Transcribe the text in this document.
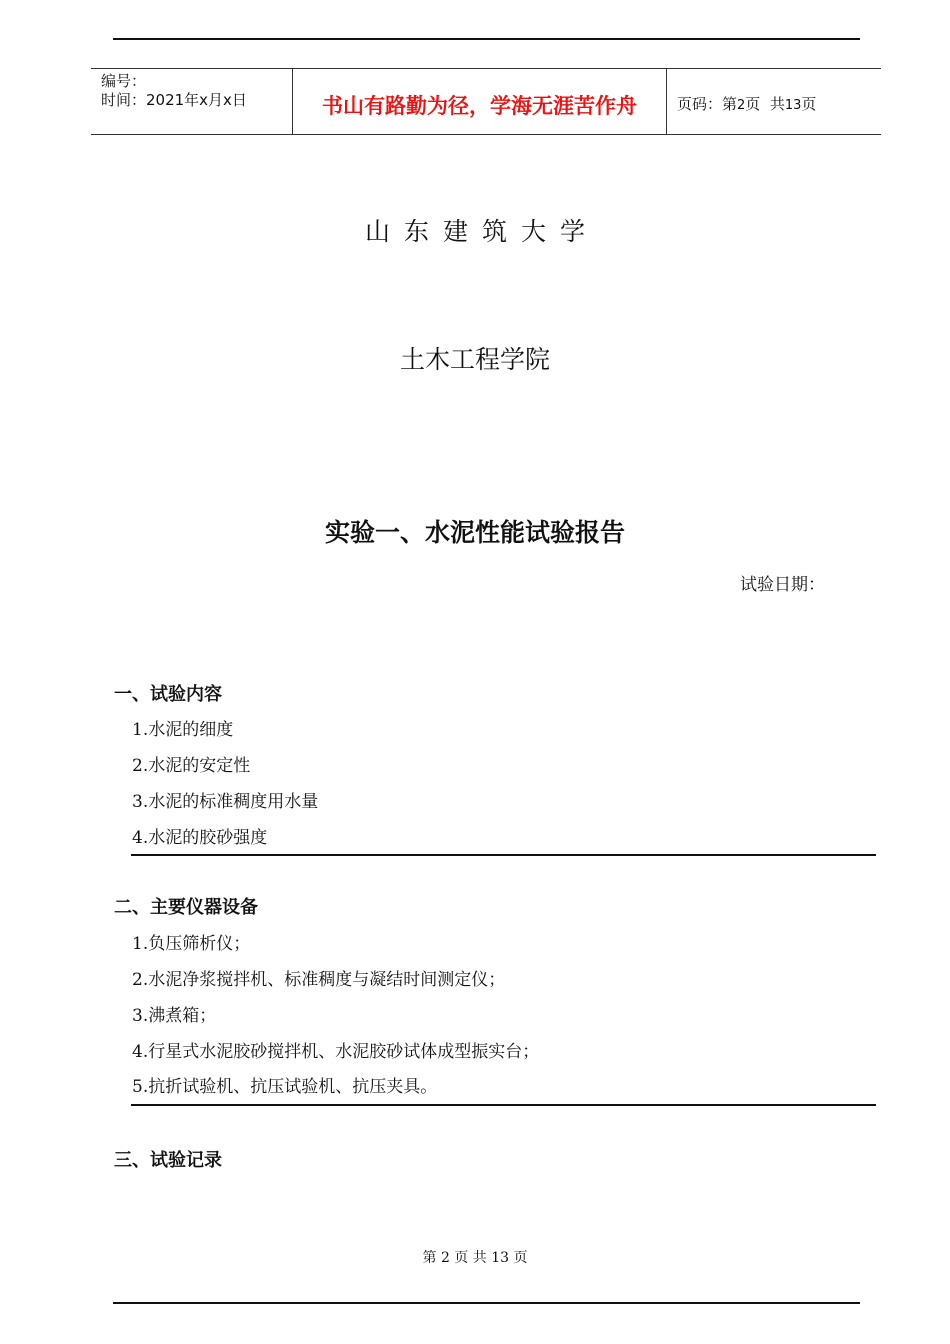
编号：
时间：2021年x月x日	书山有路勤为径，学海无涯苦作舟	页码：第2页  共13页
山东建筑大学
土木工程学院
实验一、水泥性能试验报告
试验日期：
一、试验内容
1.水泥的细度
2.水泥的安定性
3.水泥的标准稠度用水量
4.水泥的胶砂强度
二、主要仪器设备
1.负压筛析仪；
2.水泥净浆搅拌机、标准稠度与凝结时间测定仪；
3.沸煮箱；
4.行星式水泥胶砂搅拌机、水泥胶砂试体成型振实台；
5.抗折试验机、抗压试验机、抗压夹具。
三、试验记录
第 2 页 共 13 页
